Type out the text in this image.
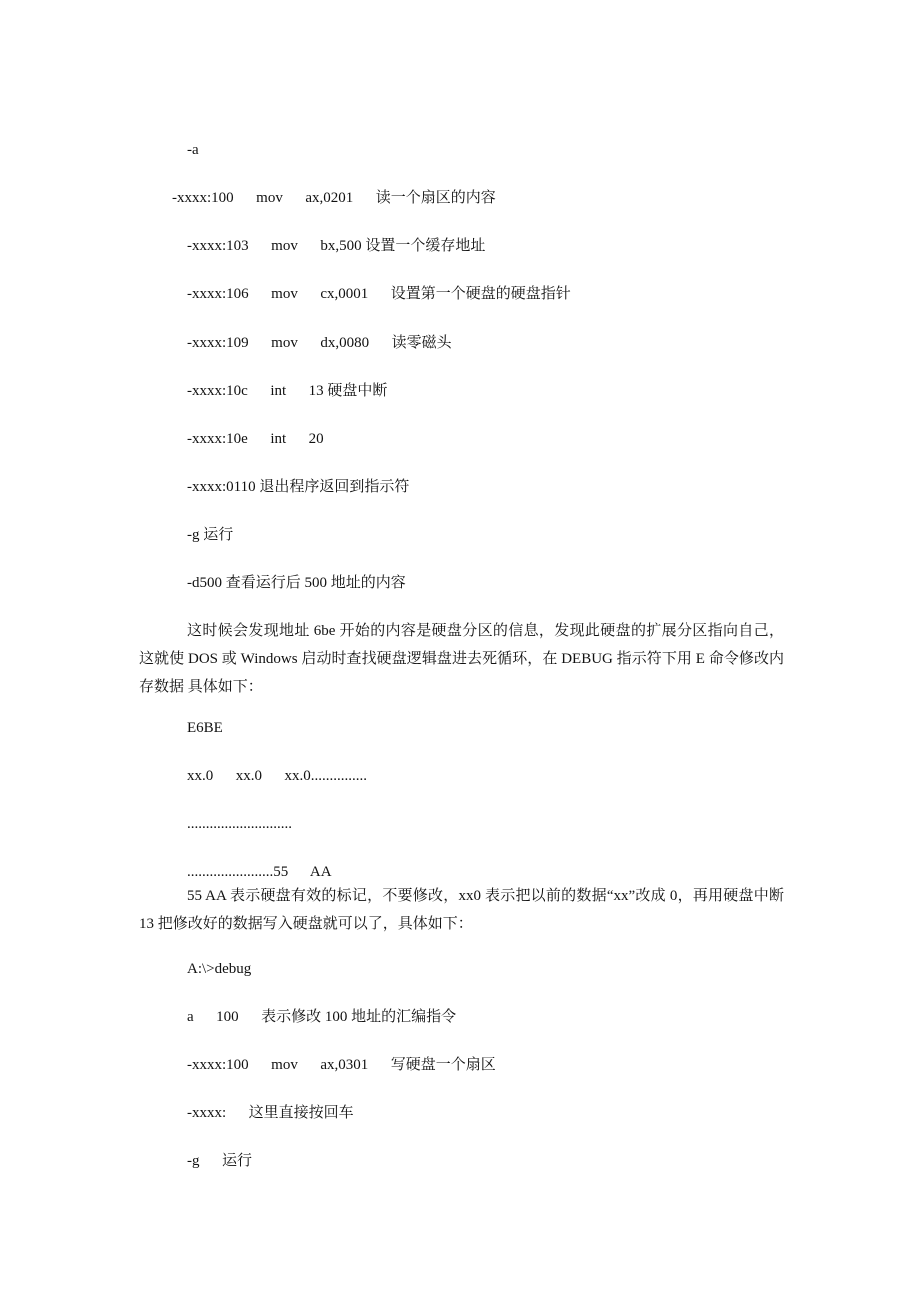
-a
-xxxx:100      mov      ax,0201      读一个扇区的内容
-xxxx:103      mov      bx,500 设置一个缓存地址
-xxxx:106      mov      cx,0001      设置第一个硬盘的硬盘指针
-xxxx:109      mov      dx,0080      读零磁头
-xxxx:10c      int      13 硬盘中断
-xxxx:10e      int      20
-xxxx:0110 退出程序返回到指示符
-g 运行
-d500 查看运行后 500 地址的内容
这时候会发现地址 6be 开始的内容是硬盘分区的信息，发现此硬盘的扩展分区指向自己，这就使 DOS 或 Windows 启动时查找硬盘逻辑盘进去死循环，在 DEBUG 指示符下用 E 命令修改内存数据 具体如下：
E6BE
xx.0      xx.0      xx.0...............
............................
.......................55      AA
55 AA 表示硬盘有效的标记，不要修改，xx0 表示把以前的数据“xx”改成 0，再用硬盘中断 13 把修改好的数据写入硬盘就可以了，具体如下：
A:\>debug
a      100      表示修改 100 地址的汇编指令
-xxxx:100      mov      ax,0301      写硬盘一个扇区
-xxxx:      这里直接按回车
-g      运行
